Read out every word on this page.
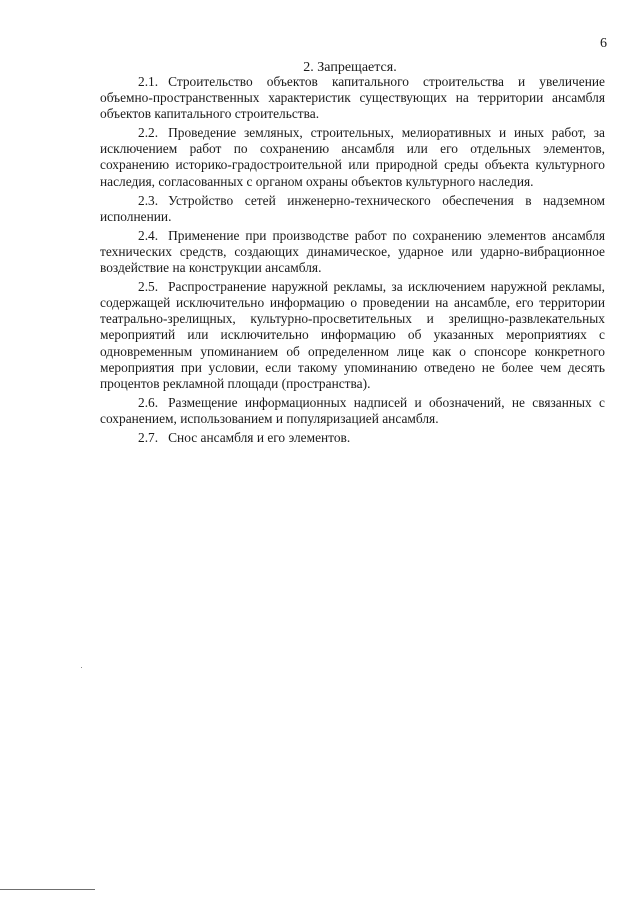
6
2. Запрещается.

2.1. Строительство объектов капитального строительства и увеличение объемно-пространственных характеристик существующих на территории ансамбля объектов капитального строительства.

2.2. Проведение земляных, строительных, мелиоративных и иных работ, за исключением работ по сохранению ансамбля или его отдельных элементов, сохранению историко-градостроительной или природной среды объекта культурного наследия, согласованных с органом охраны объектов культурного наследия.

2.3. Устройство сетей инженерно-технического обеспечения в надземном исполнении.

2.4. Применение при производстве работ по сохранению элементов ансамбля технических средств, создающих динамическое, ударное или ударно-вибрационное воздействие на конструкции ансамбля.

2.5. Распространение наружной рекламы, за исключением наружной рекламы, содержащей исключительно информацию о проведении на ансамбле, его территории театрально-зрелищных, культурно-просветительных и зрелищно-развлекательных мероприятий или исключительно информацию об указанных мероприятиях с одновременным упоминанием об определенном лице как о спонсоре конкретного мероприятия при условии, если такому упоминанию отведено не более чем десять процентов рекламной площади (пространства).

2.6. Размещение информационных надписей и обозначений, не связанных с сохранением, использованием и популяризацией ансамбля.

2.7. Снос ансамбля и его элементов.
